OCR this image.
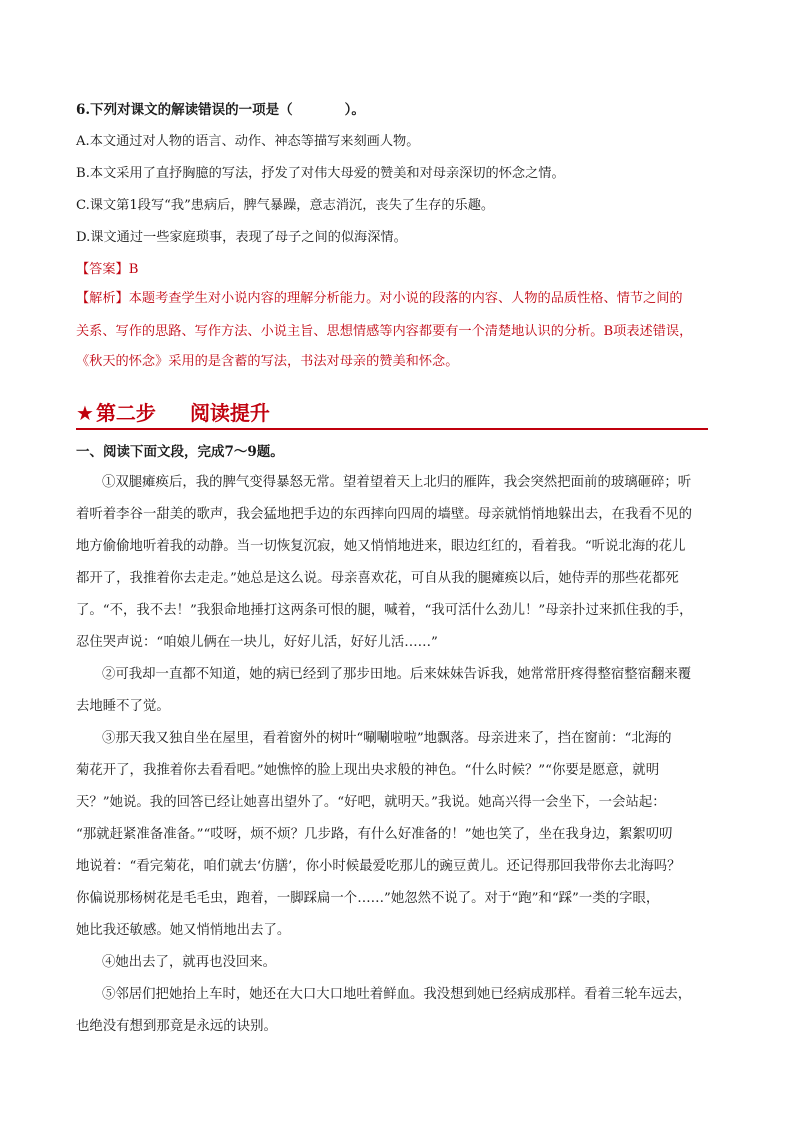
6.下列对课文的解读错误的一项是（	）。
A.本文通过对人物的语言、动作、神态等描写来刻画人物。
B.本文采用了直抒胸臆的写法，抒发了对伟大母爱的赞美和对母亲深切的怀念之情。
C.课文第1段写“我”患病后，脾气暴躁，意志消沉，丧失了生存的乐趣。
D.课文通过一些家庭琐事，表现了母子之间的似海深情。
【答案】B
【解析】本题考查学生对小说内容的理解分析能力。对小说的段落的内容、人物的品质性格、情节之间的
关系、写作的思路、写作方法、小说主旨、思想情感等内容都要有一个清楚地认识的分析。B项表述错误，
《秋天的怀念》采用的是含蓄的写法，书法对母亲的赞美和怀念。
★ 第二步 阅读提升
一、阅读下面文段，完成7～9题。
①双腿瘫痪后，我的脾气变得暴怒无常。望着望着天上北归的雁阵，我会突然把面前的玻璃砸碎；听
着听着李谷一甜美的歌声，我会猛地把手边的东西摔向四周的墙壁。母亲就悄悄地躲出去，在我看不见的
地方偷偷地听着我的动静。当一切恢复沉寂，她又悄悄地进来，眼边红红的，看着我。“听说北海的花儿
都开了，我推着你去走走。”她总是这么说。母亲喜欢花，可自从我的腿瘫痪以后，她侍弄的那些花都死
了。“不，我不去！”我狠命地捶打这两条可恨的腿，喊着，“我可活什么劲儿！”母亲扑过来抓住我的手，
忍住哭声说：“咱娘儿俩在一块儿，好好儿活，好好儿活……”
②可我却一直都不知道，她的病已经到了那步田地。后来妹妹告诉我，她常常肝疼得整宿整宿翻来覆
去地睡不了觉。
③那天我又独自坐在屋里，看着窗外的树叶“唰唰啦啦”地飘落。母亲进来了，挡在窗前：“北海的
菊花开了，我推着你去看看吧。”她憔悴的脸上现出央求般的神色。“什么时候？”“你要是愿意，就明
天？”她说。我的回答已经让她喜出望外了。“好吧，就明天。”我说。她高兴得一会坐下，一会站起：
“那就赶紧准备准备。”“哎呀，烦不烦？几步路，有什么好准备的！”她也笑了，坐在我身边，絮絮叨叨
地说着：“看完菊花，咱们就去‘仿膳’，你小时候最爱吃那儿的豌豆黄儿。还记得那回我带你去北海吗？
你偏说那杨树花是毛毛虫，跑着，一脚踩扁一个……”她忽然不说了。对于“跑”和“踩”一类的字眼，
她比我还敏感。她又悄悄地出去了。
④她出去了，就再也没回来。
⑤邻居们把她抬上车时，她还在大口大口地吐着鲜血。我没想到她已经病成那样。看着三轮车远去，
也绝没有想到那竟是永远的诀别。
